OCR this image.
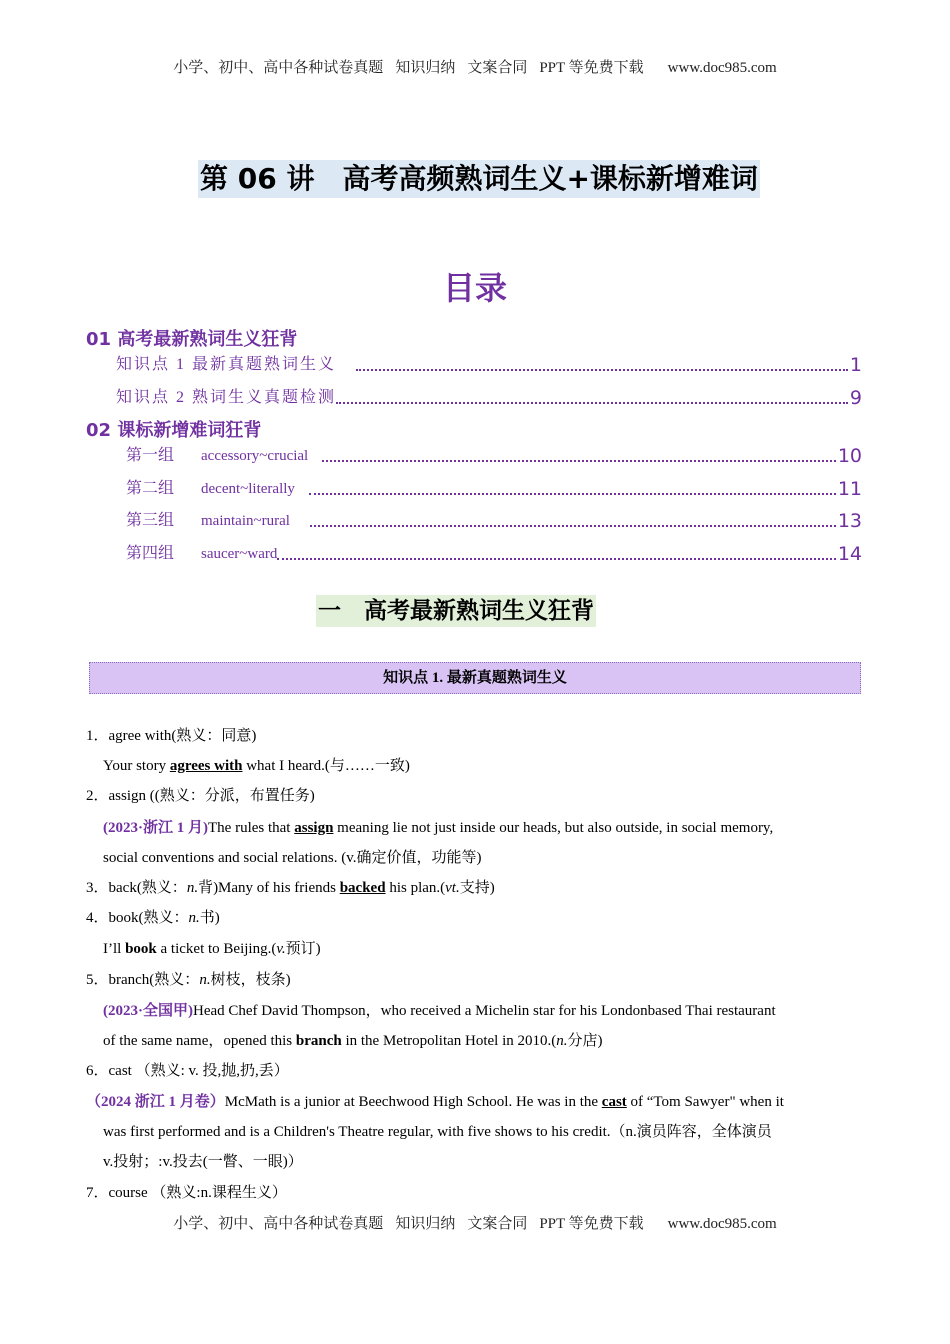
小学、初中、高中各种试卷真题 知识归纳 文案合同 PPT 等免费下载 www.doc985.com
第 06 讲　高考高频熟词生义+课标新增难词
目录
01 高考最新熟词生义狂背
知识点 1 最新真题熟词生义	1
知识点 2 熟词生义真题检测	9
02 课标新增难词狂背
第一组	accessory~crucial	10
第二组	decent~literally	11
第三组	maintain~rural	13
第四组	saucer~ward	14
一　高考最新熟词生义狂背
知识点 1. 最新真题熟词生义
1．agree with(熟义：同意)
Your story agrees with what I heard.(与……一致)
2．assign ((熟义：分派，布置任务)
(2023·浙江 1 月)The rules that assign meaning lie not just inside our heads, but also outside, in social memory,
social conventions and social relations. (v.确定价值，功能等)
3．back(熟义：n.背)Many of his friends backed his plan.(vt.支持)
4．book(熟义：n.书)
I’ll book a ticket to Beijing.(v.预订)
5．branch(熟义：n.树枝，枝条)
(2023·全国甲)Head Chef David Thompson，who received a Michelin star for his Londonbased Thai restaurant
of the same name，opened this branch in the Metropolitan Hotel in 2010.(n.分店)
6．cast （熟义: v. 投,抛,扔,丢）
（2024 浙江 1 月卷）McMath is a junior at Beechwood High School. He was in the cast of “Tom Sawyer" when it
was first performed and is a Children's Theatre regular, with five shows to his credit.（n.演员阵容，全体演员
v.投射；:v.投去(一瞥、一眼)）
7．course （熟义:n.课程生义）
小学、初中、高中各种试卷真题 知识归纳 文案合同 PPT 等免费下载 www.doc985.com
